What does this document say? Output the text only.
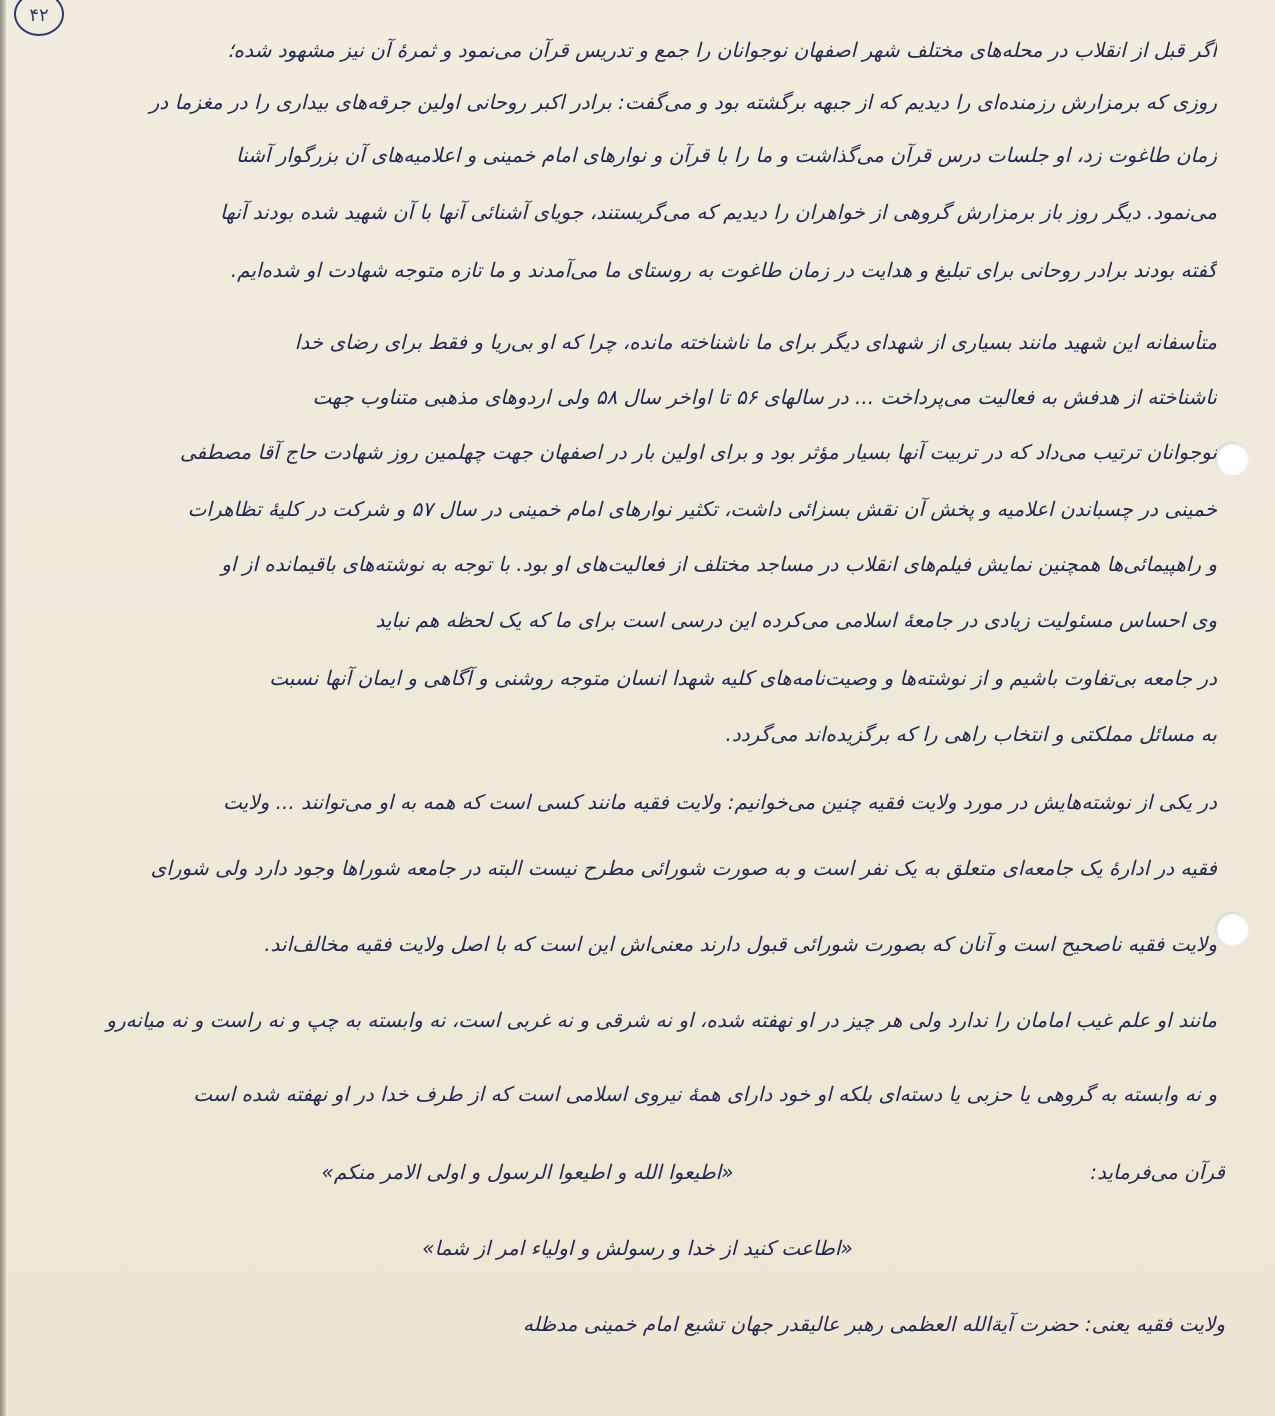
۴۲
اگر قبل از انقلاب در محله‌های مختلف شهر اصفهان نوجوانان را جمع و تدریس قرآن می‌نمود و ثمرهٔ آن نیز مشهود شده؛
روزی که برمزارش رزمنده‌ای را دیدیم که از جبهه برگشته بود و می‌گفت: برادر اکبر روحانی اولین جرقه‌های بیداری را در مغزما در
زمان طاغوت زد، او جلسات درس قرآن می‌گذاشت و ما را با قرآن و نوارهای امام خمینی و اعلامیه‌های آن بزرگوار آشنا
می‌نمود. دیگر روز باز برمزارش گروهی از خواهران را دیدیم که می‌گریستند، جویای آشنائی آنها با آن شهید شده بودند آنها
گفته بودند برادر روحانی برای تبلیغ و هدایت در زمان طاغوت به روستای ما می‌آمدند و ما تازه متوجه شهادت او شده‌ایم.
متأسفانه این شهید مانند بسیاری از شهدای دیگر برای ما ناشناخته مانده، چرا که او بی‌ریا و فقط برای رضای خدا
ناشناخته از هدفش به فعالیت می‌پرداخت ... در سالهای ۵۶ تا اواخر سال ۵۸ ولی اردوهای مذهبی متناوب جهت
نوجوانان ترتیب می‌داد که در تربیت آنها بسیار مؤثر بود و برای اولین بار در اصفهان جهت چهلمین روز شهادت حاج آقا مصطفی
خمینی در چسباندن اعلامیه و پخش آن نقش بسزائی داشت، تکثیر نوارهای امام خمینی در سال ۵۷ و شرکت در کلیهٔ تظاهرات
و راهپیمائی‌ها همچنین نمایش فیلم‌های انقلاب در مساجد مختلف از فعالیت‌های او بود. با توجه به نوشته‌های باقیمانده از او
وی احساس مسئولیت زیادی در جامعهٔ اسلامی می‌کرده این درسی است برای ما که یک لحظه هم نباید
در جامعه بی‌تفاوت باشیم و از نوشته‌ها و وصیت‌نامه‌های کلیه شهدا انسان متوجه روشنی و آگاهی و ایمان آنها نسبت
به مسائل مملکتی و انتخاب راهی را که برگزیده‌اند می‌گردد.
در یکی از نوشته‌هایش در مورد ولایت فقیه چنین می‌خوانیم: ولایت فقیه مانند کسی است که همه به او می‌توانند ... ولایت
فقیه در ادارهٔ یک جامعه‌ای متعلق به یک نفر است و به صورت شورائی مطرح نیست البته در جامعه شوراها وجود دارد ولی شورای
ولایت فقیه ناصحیح است و آنان که بصورت شورائی قبول دارند معنی‌اش این است که با اصل ولایت فقیه مخالف‌اند.
مانند او علم غیب امامان را ندارد ولی هر چیز در او نهفته شده، او نه شرقی و نه غربی است، نه وابسته به چپ و نه راست و نه میانه‌رو
و نه وابسته به گروهی یا حزبی یا دسته‌ای بلکه او خود دارای همهٔ نیروی اسلامی است که از طرف خدا در او نهفته شده است
قرآن می‌فرماید:
«اطیعوا الله و اطیعوا الرسول و اولی الامر منکم»
«اطاعت کنید از خدا و رسولش و اولیاء امر از شما»
ولایت فقیه یعنی: حضرت آیة‌الله العظمی رهبر عالیقدر جهان تشیع امام خمینی مدظله
